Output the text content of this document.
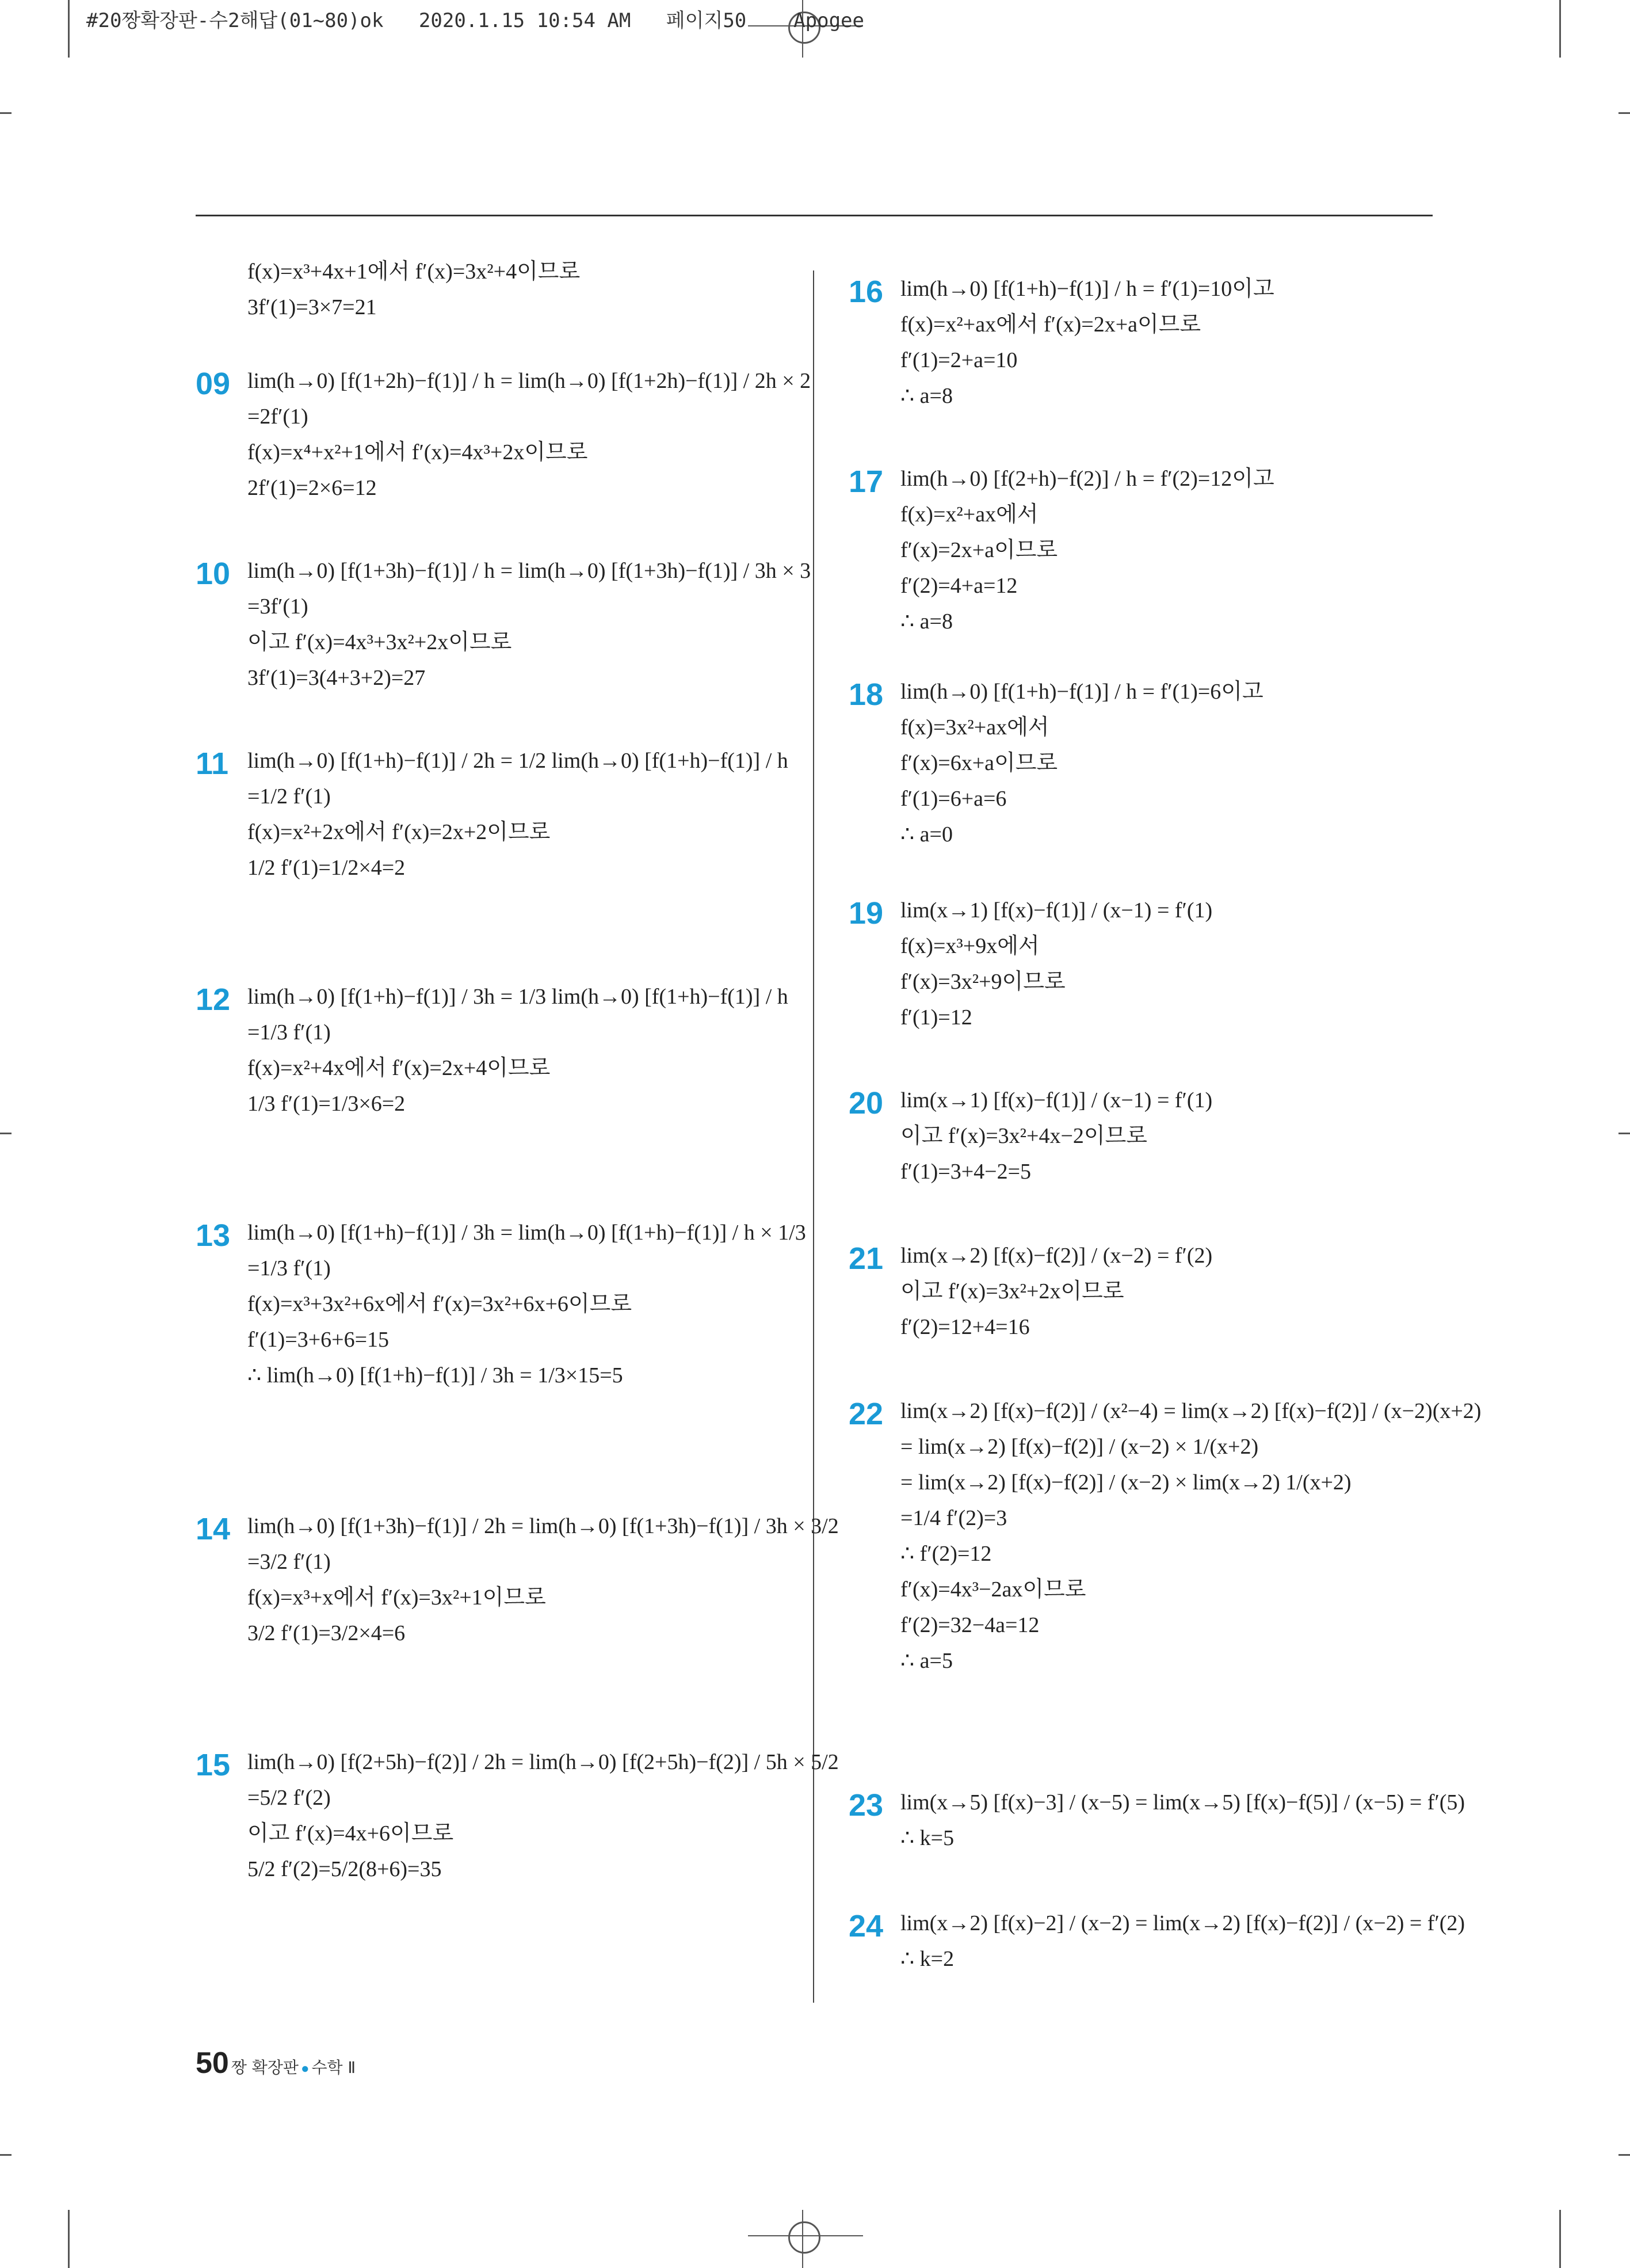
#20짱확장판-수2해답(01~80)ok 2020.1.15 10:54 AM 페이지50 Apogee
f(x)=x³+4x+1에서 f′(x)=3x²+4이므로
3f′(1)=3×7=21
09 lim(h→0) [f(1+2h)−f(1)] / h = lim(h→0) [f(1+2h)−f(1)] / 2h × 2
=2f′(1)
f(x)=x⁴+x²+1에서 f′(x)=4x³+2x이므로
2f′(1)=2×6=12
10 lim(h→0) [f(1+3h)−f(1)] / h = lim(h→0) [f(1+3h)−f(1)] / 3h × 3
=3f′(1)
이고 f′(x)=4x³+3x²+2x이므로
3f′(1)=3(4+3+2)=27
11 lim(h→0) [f(1+h)−f(1)] / 2h = 1/2 lim(h→0) [f(1+h)−f(1)] / h
=1/2 f′(1)
f(x)=x²+2x에서 f′(x)=2x+2이므로
1/2 f′(1)=1/2×4=2
12 lim(h→0) [f(1+h)−f(1)] / 3h = 1/3 lim(h→0) [f(1+h)−f(1)] / h
=1/3 f′(1)
f(x)=x²+4x에서 f′(x)=2x+4이므로
1/3 f′(1)=1/3×6=2
13 lim(h→0) [f(1+h)−f(1)] / 3h = lim(h→0) [f(1+h)−f(1)] / h × 1/3
=1/3 f′(1)
f(x)=x³+3x²+6x에서 f′(x)=3x²+6x+6이므로
f′(1)=3+6+6=15
∴ lim(h→0) [f(1+h)−f(1)] / 3h = 1/3×15=5
14 lim(h→0) [f(1+3h)−f(1)] / 2h = lim(h→0) [f(1+3h)−f(1)] / 3h × 3/2
=3/2 f′(1)
f(x)=x³+x에서 f′(x)=3x²+1이므로
3/2 f′(1)=3/2×4=6
15 lim(h→0) [f(2+5h)−f(2)] / 2h = lim(h→0) [f(2+5h)−f(2)] / 5h × 5/2
=5/2 f′(2)
이고 f′(x)=4x+6이므로
5/2 f′(2)=5/2(8+6)=35
16 lim(h→0) [f(1+h)−f(1)] / h = f′(1)=10이고
f(x)=x²+ax에서 f′(x)=2x+a이므로
f′(1)=2+a=10
∴ a=8
17 lim(h→0) [f(2+h)−f(2)] / h = f′(2)=12이고
f(x)=x²+ax에서
f′(x)=2x+a이므로
f′(2)=4+a=12
∴ a=8
18 lim(h→0) [f(1+h)−f(1)] / h = f′(1)=6이고
f(x)=3x²+ax에서
f′(x)=6x+a이므로
f′(1)=6+a=6
∴ a=0
19 lim(x→1) [f(x)−f(1)] / (x−1) = f′(1)
f(x)=x³+9x에서
f′(x)=3x²+9이므로
f′(1)=12
20 lim(x→1) [f(x)−f(1)] / (x−1) = f′(1)
이고 f′(x)=3x²+4x−2이므로
f′(1)=3+4−2=5
21 lim(x→2) [f(x)−f(2)] / (x−2) = f′(2)
이고 f′(x)=3x²+2x이므로
f′(2)=12+4=16
22 lim(x→2) [f(x)−f(2)] / (x²−4) = lim(x→2) [f(x)−f(2)] / (x−2)(x+2)
= lim(x→2) [f(x)−f(2)] / (x−2) × 1/(x+2)
= lim(x→2) [f(x)−f(2)] / (x−2) × lim(x→2) 1/(x+2)
=1/4 f′(2)=3
∴ f′(2)=12
f′(x)=4x³−2ax이므로
f′(2)=32−4a=12
∴ a=5
23 lim(x→5) [f(x)−3] / (x−5) = lim(x→5) [f(x)−f(5)] / (x−5) = f′(5)
∴ k=5
24 lim(x→2) [f(x)−2] / (x−2) = lim(x→2) [f(x)−f(2)] / (x−2) = f′(2)
∴ k=2
50 짱 확장판 ● 수학 Ⅱ
